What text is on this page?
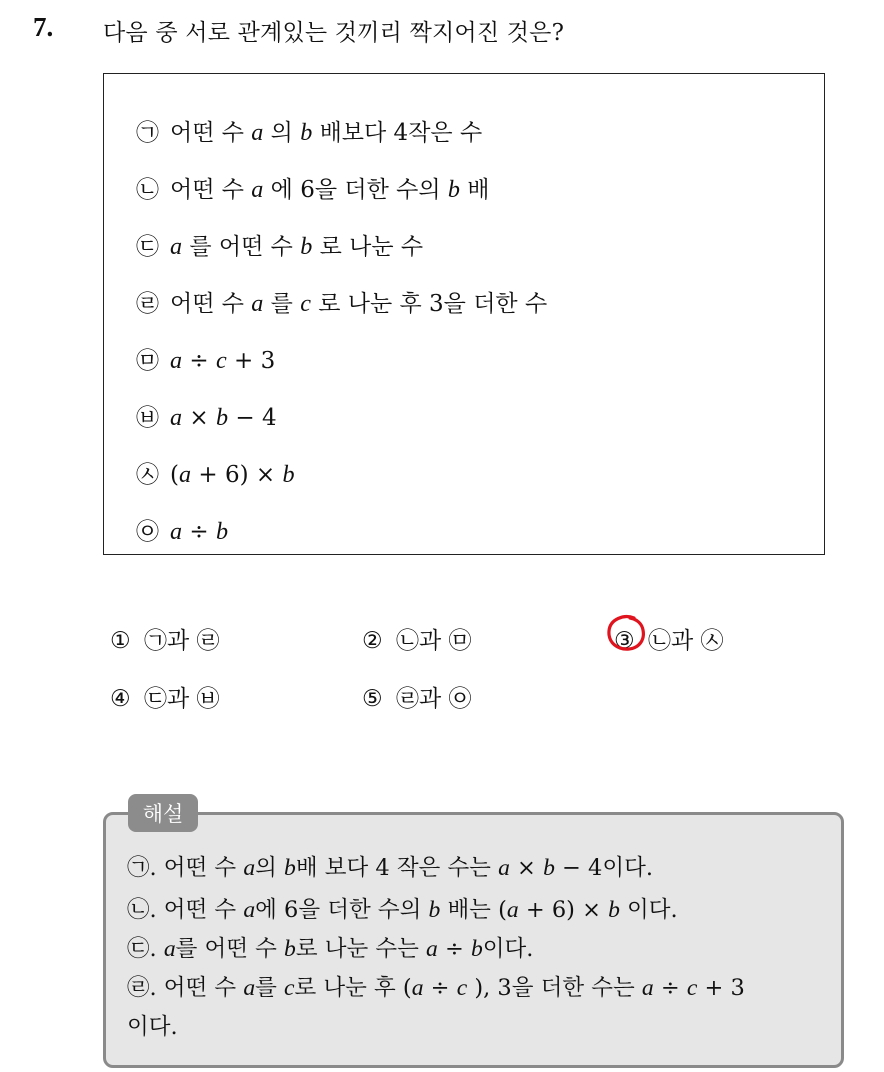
7. 다음 중 서로 관계있는 것끼리 짝지어진 것은?
㉠ 어떤 수 a 의 b 배보다 4작은 수
㉡ 어떤 수 a 에 6을 더한 수의 b 배
㉢ a 를 어떤 수 b 로 나눈 수
㉣ 어떤 수 a 를 c 로 나눈 후 3을 더한 수
㉤ a ÷ c + 3
㉥ a × b − 4
㉦ (a + 6) × b
㉧ a ÷ b
① ㉠과 ㉣	② ㉡과 ㉤	③ ㉡과 ㉦
④ ㉢과 ㉥	⑤ ㉣과 ㉧
해설
㉠. 어떤 수 a의 b배 보다 4 작은 수는 a × b − 4이다.
㉡. 어떤 수 a에 6을 더한 수의 b 배는 (a + 6) × b 이다.
㉢. a를 어떤 수 b로 나눈 수는 a ÷ b이다.
㉣. 어떤 수 a를 c로 나눈 후 (a ÷ c ), 3을 더한 수는 a ÷ c + 3
이다.
